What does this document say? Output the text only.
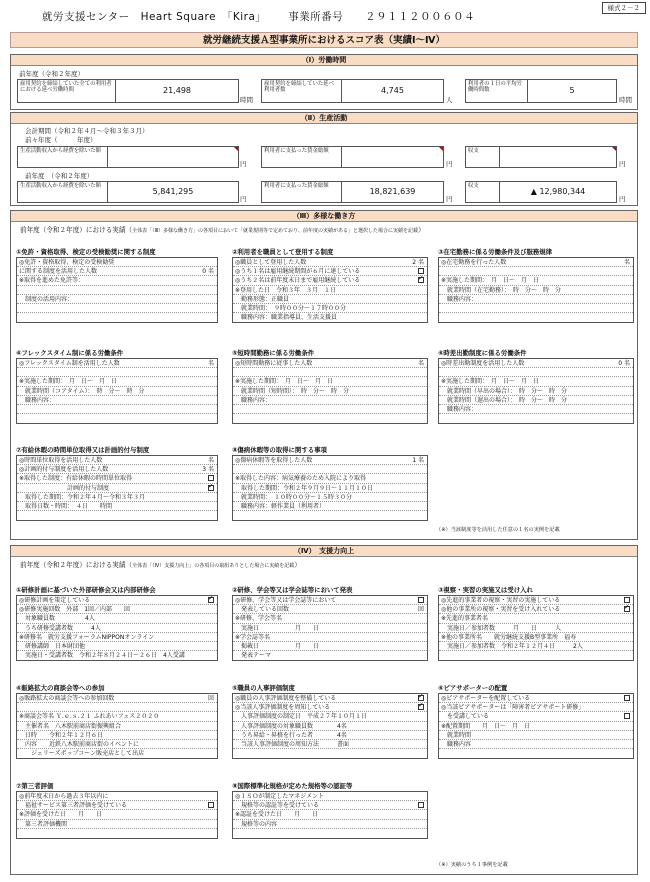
様式２－２
就労支援センター　Heart Square　「Kira」 事業所番号 ２９１１２００６０４
就労継続支援Ａ型事業所におけるスコア表（実績Ⅰ～Ⅳ）
（Ⅰ）労働時間
前年度（令和２年度）
雇用契約を締結していた全ての利用者における延べ労働時間	21,498
時間
雇用契約を締結していた延べ利用者数	4,745
人
利用者の１日の平均労働時間数	5
時間
（Ⅱ）生産活動
会計期間（令和２年４月～令和３年３月）
前々年度（　　　年度）
生産活動収入から経費を除いた額
円
利用者に支払った賃金総額
円
収支
円
前年度　（令和２年度）
生産活動収入から経費を除いた額
5,841,295
円
利用者に支払った賃金総額
18,821,639
円
収支
▲ 12,980,344
円
（Ⅲ）多様な働き方
前年度（令和２年度）における実績（全体表「（Ⅲ）多様な働き方」の各項目において「就業規則等で定めており、前年度の実績がある」と選択した場合に実績を記載）
①免許・資格取得、検定の受検勧奨に関する制度
◎免許・資格取得、検定の受検勧奨
に関する制度を活用した人数	0 名
※取得を進めた免許等：
　制度の活用内容：
②利用者を職員として登用する制度
◎職員として登用した人数	2 名
◎うち１名は雇用継続期間が６月に達している
◎うち２名は前年度末日まで雇用継続している
✓
※登用した日　令和３年　３月　１日
　勤務形態：正職員
　就業時間：　９時００分～１７時００分
　職務内容：職業指導員、生活支援員
③在宅勤務に係る労働条件及び服務規律
◎在宅勤務を行った人数	名
※実施した期間：　月　日～　月　日
　就業時間（在宅勤務）：　時　分～　時　分
　職務内容：
④フレックスタイム制に係る労働条件
◎フレックスタイム制を活用した人数	名
※実施した期間：　月　日～　月　日
　就業時間（コアタイム）：　時　分～　時　分
　職務内容：
⑤短時間勤務に係る労働条件
◎短時間勤務に従事した人数	名
※実施した期間：　月　日～　月　日
　就業時間（短時間）：　時　分～　時　分
　職務内容：
⑥時差出勤制度に係る労働条件
◎時差出勤制度を活用した人数	0 名
※実施した期間：　月　日～　月　日
　就業時間（早出の場合）：　時　分～　時　分
　就業時間（遅出の場合）：　時　分～　時　分
　職務内容：
⑦有給休暇の時間単位取得又は計画的付与制度
◎時間単位取得を活用した人数	名
◎計画的付与制度を活用した人数	3 名
※取得した制度：有給休暇の時間単位取得
　　　　　　　　計画的付与制度
✓
　取得した期間：令和２年４月～令和３年３月
　取得日数・時間：　４日　　時間
⑧傷病休暇等の取得に関する事項
◎傷病休暇等を取得した人数	1 名
※取得した内容：病気療養のため入院により取得
　取得した期間：令和２年９月９日～１１月１０日
　就業時間：　１０時００分～１５時３０分
　職務内容：軽作業員（利用者）
（※）当該制度等を活用した任意の１名の実例を記載
（Ⅳ）　支援力向上
前年度（令和２年度）における実績（全体表「（Ⅳ）支援力向上」の各項目の取組ありとした場合に実績を記載）
①研修計画に基づいた外部研修会又は内部研修会
◎研修計画を策定している
✓
◎研修実施回数　外部　1回／内部　　回
　対象職員数　　　　　4人
　うち研修受講者数　　　4人
※研修名　就労支援フォーラムNIPPONオンライン
　研修講師　日本財団他
　実施日・受講者数　令和２年８月２４日～２６日　4人受講
②研修、学会等又は学会誌等において発表
◎研修、学会等又は学会誌等において
　発表している回数	回
※研修、学会等名
　実施日　　　　　　月　　日
※学会誌等名
　掲載日　　　　　　月　　日
　発表テーマ
③視察・実習の実施又は受け入れ
◎先進的事業者の視察・実習の実施している
◎他の事業所の視察・実習を受け入れている
✓
※先進的事業者名
　実施日／参加者数　　　月　　日　　　人
※他の事業所名　　就労継続支援B型事業所　福寿
　実施日／参加者数　令和２年１２月４日　　　2人
④販路拡大の商談会等への参加
◎販路拡大の商談会等への参加回数	回
※商談会等名 Ｙ.ｅ.ｓ.２１ ふれあいフェス２０２０
　主催者名　八木駅前商店街振興組合
　日時　　令和２年１２月６日
　内容　　近鉄八木駅前商店街のイベントに
　　ジェリーズポップコーン販売店として出店
⑤職員の人事評価制度
◎職員の人事評価制度を整備している
✓
◎当該人事評価制度を周知している
✓
　人事評価制度の制定日　平成２７年１０月１日
　人事評価制度の対象職員数　　　　4名
　うち昇給・昇格を行った者　　　　4名
　当該人事評価制度の周知方法　　　書面
⑥ピアサポーターの配置
◎ピアサポーターを配置している
◎当該ピアサポーターは「障害者ピアサポート研修」
　を受講している
※配置期間　　月　日～　月　日
　就業時間
　職務内容
⑦第三者評価
◎前年度末日から過去３年以内に
　福祉サービス第三者評価を受けている
※評価を受けた日　　月　　日
　第三者評価機関
⑧国際標準化規格が定めた規格等の認証等
◎ＩＳＯが制定したマネジメント
　規格等の認証等を受けている
※認証を受けた日　　月　　日
　規格等の内容
（※）実績のうち１事例を記載
